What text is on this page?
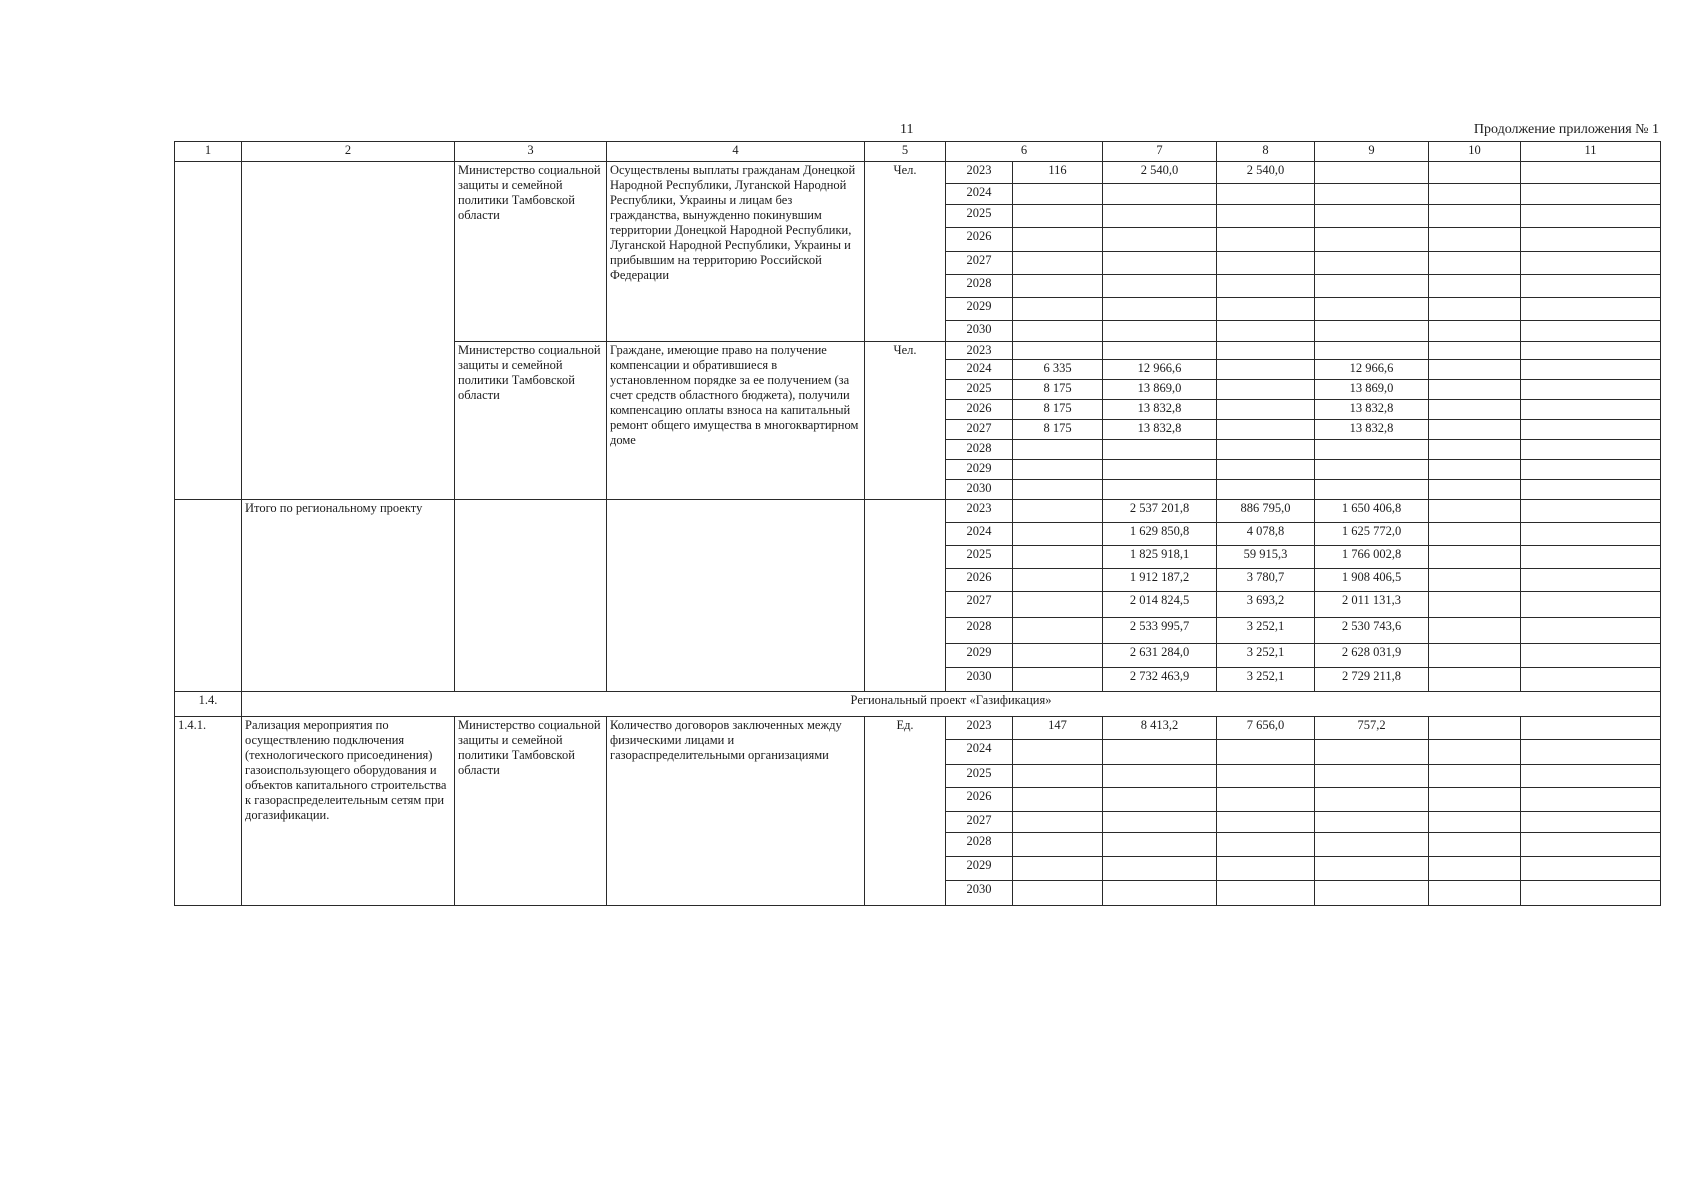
11	Продолжение приложения № 1
1	2	3	4	5	6		7	8	9	10	11
		Министерство социальной защиты и семейной политики Тамбовской области	Осуществлены выплаты гражданам Донецкой Народной Республики, Луганской Народной Республики, Украины и лицам без гражданства, вынужденно покинувшим территории Донецкой Народной Республики, Луганской Народной Республики, Украины и прибывшим на территорию Российской Федерации	Чел.	2023	116	2 540,0	2 540,0			
					2024						
					2025						
					2026						
					2027						
					2028						
					2029						
					2030						
		Министерство социальной защиты и семейной политики Тамбовской области	Граждане, имеющие право на получение компенсации и обратившиеся в установленном порядке за ее получением (за счет средств областного бюджета), получили компенсацию оплаты взноса на капитальный ремонт общего имущества в многоквартирном доме	Чел.	2023						
					2024	6 335	12 966,6		12 966,6		
					2025	8 175	13 869,0		13 869,0		
					2026	8 175	13 832,8		13 832,8		
					2027	8 175	13 832,8		13 832,8		
					2028						
					2029						
					2030						
	Итого по региональному проекту				2023		2 537 201,8	886 795,0	1 650 406,8		
					2024		1 629 850,8	4 078,8	1 625 772,0		
					2025		1 825 918,1	59 915,3	1 766 002,8		
					2026		1 912 187,2	3 780,7	1 908 406,5		
					2027		2 014 824,5	3 693,2	2 011 131,3		
					2028		2 533 995,7	3 252,1	2 530 743,6		
					2029		2 631 284,0	3 252,1	2 628 031,9		
					2030		2 732 463,9	3 252,1	2 729 211,8		
1.4.	Региональный проект «Газификация»										
1.4.1.	Рализация мероприятия по осуществлению подключения (технологического присоединения) газоиспользующего оборудования и объектов капитального строительства к газораспределеительным сетям при догазификации.	Министерство социальной защиты и семейной политики Тамбовской области	Количество договоров заключенных между физическими лицами и газораспределительными организациями	Ед.	2023	147	8 413,2	7 656,0	757,2		
					2024						
					2025						
					2026						
					2027						
					2028						
					2029						
					2030						
